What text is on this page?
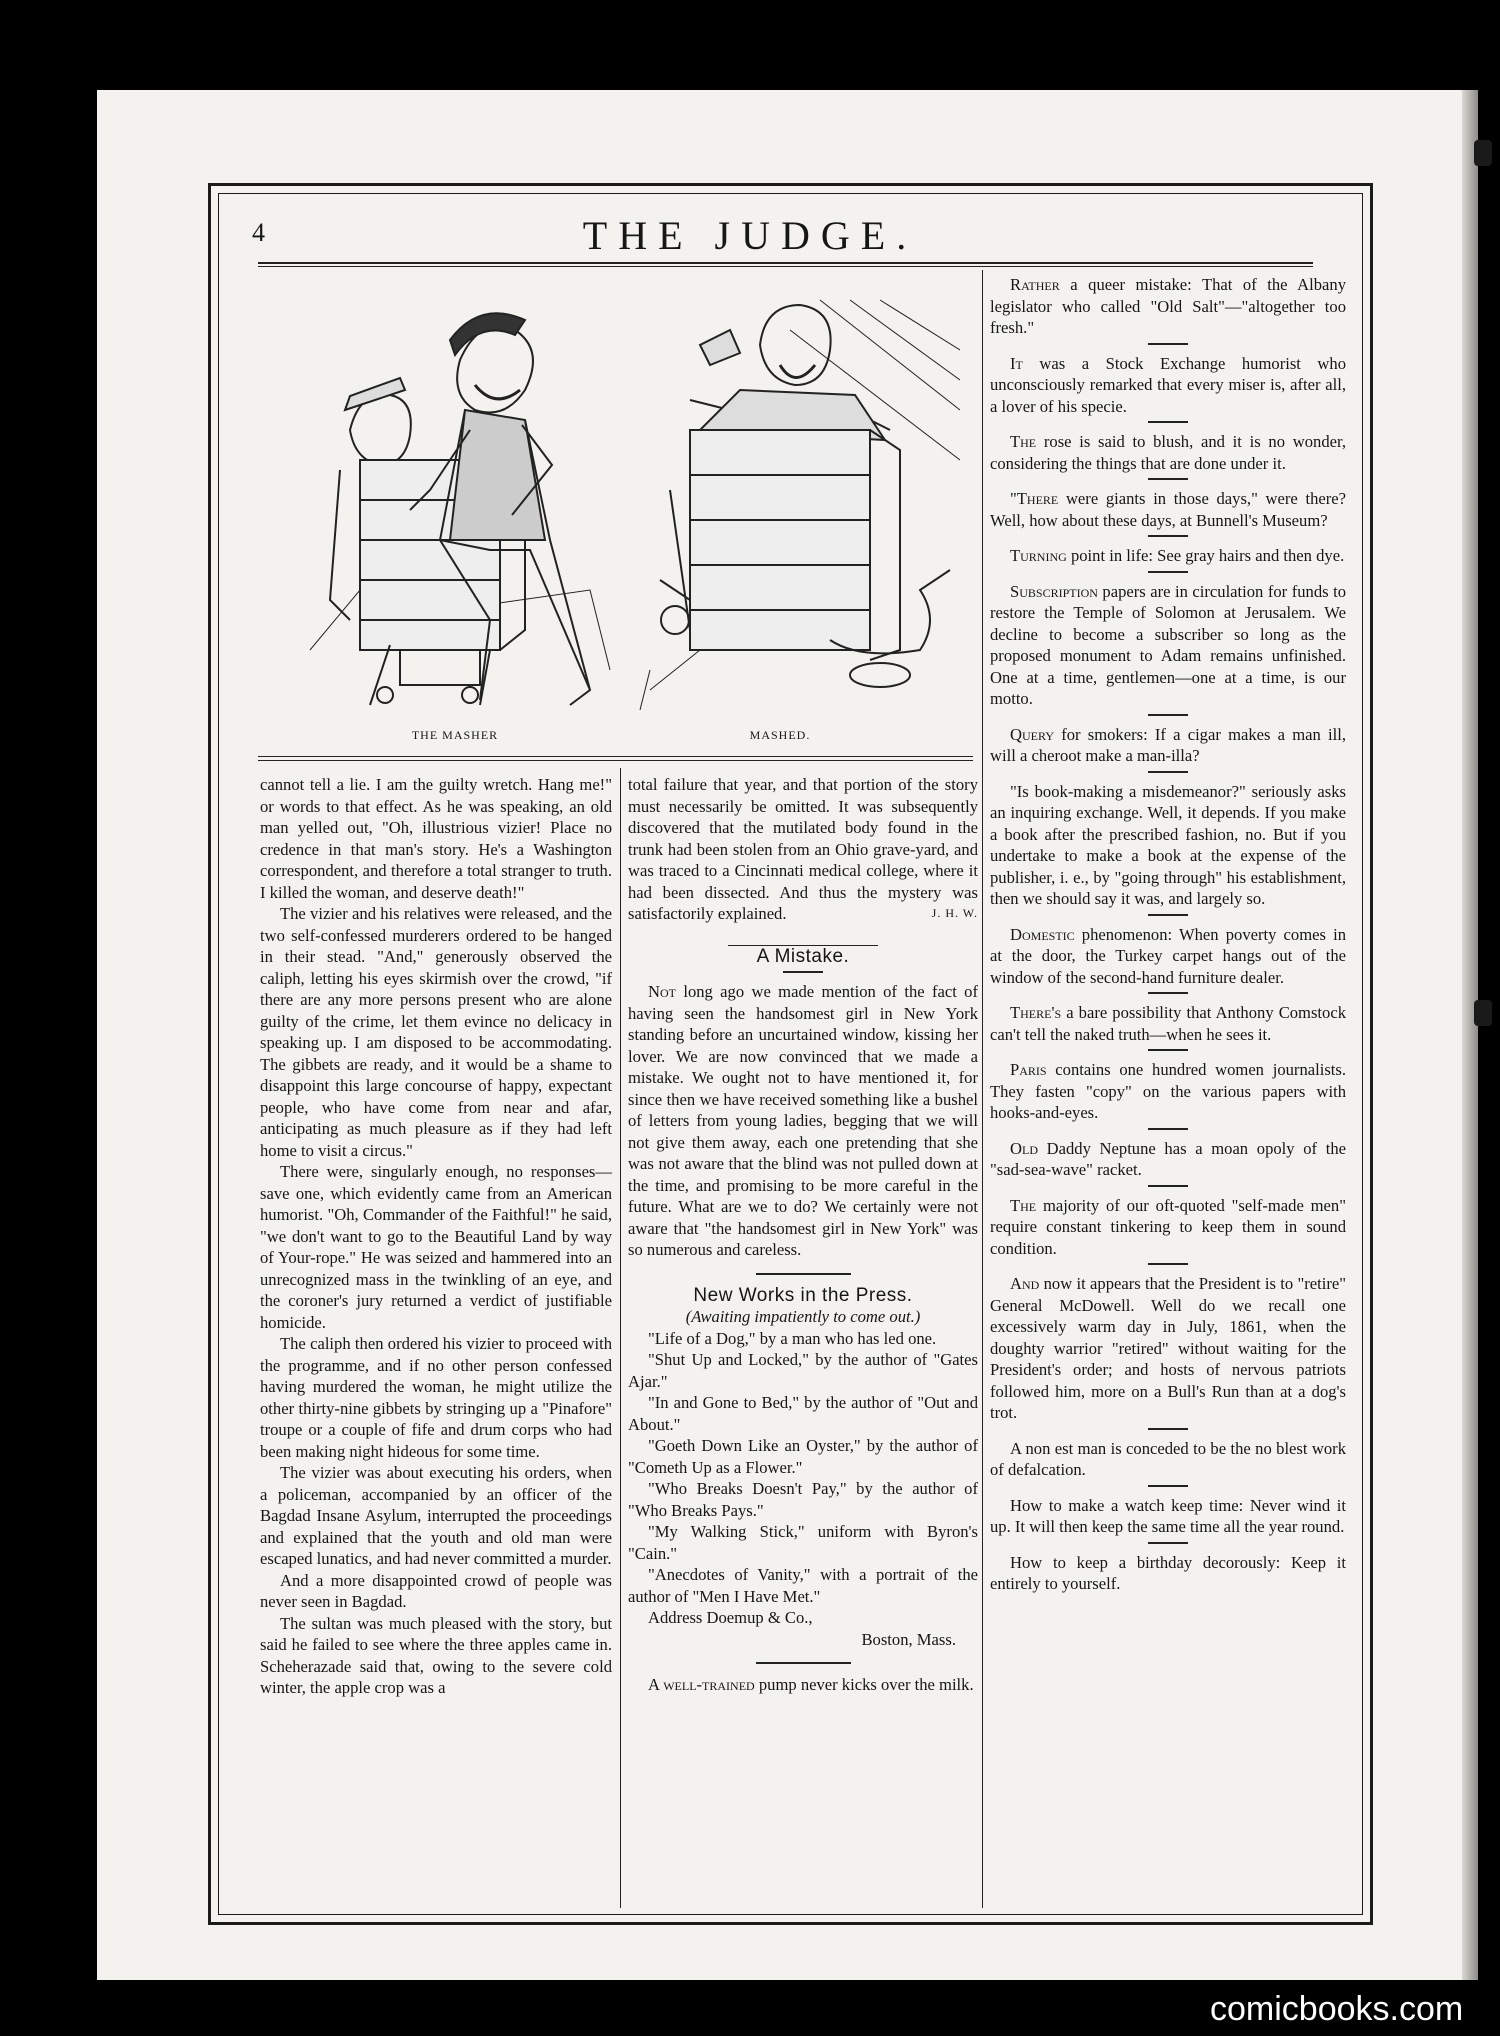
4	THE JUDGE.
THE MASHER	MASHED.

cannot tell a lie. I am the guilty wretch. Hang me!" or words to that effect. As he was speaking, an old man yelled out, "Oh, illustrious vizier! Place no credence in that man's story. He's a Washington correspondent, and therefore a total stranger to truth. I killed the woman, and deserve death!"

The vizier and his relatives were released, and the two self-confessed murderers ordered to be hanged in their stead. "And," generously observed the caliph, letting his eyes skirmish over the crowd, "if there are any more persons present who are alone guilty of the crime, let them evince no delicacy in speaking up. I am disposed to be accommodating. The gibbets are ready, and it would be a shame to disappoint this large concourse of happy, expectant people, who have come from near and afar, anticipating as much pleasure as if they had left home to visit a circus."

There were, singularly enough, no responses—save one, which evidently came from an American humorist. "Oh, Commander of the Faithful!" he said, "we don't want to go to the Beautiful Land by way of Your-rope." He was seized and hammered into an unrecognized mass in the twinkling of an eye, and the coroner's jury returned a verdict of justifiable homicide.

The caliph then ordered his vizier to proceed with the programme, and if no other person confessed having murdered the woman, he might utilize the other thirty-nine gibbets by stringing up a "Pinafore" troupe or a couple of fife and drum corps who had been making night hideous for some time.

The vizier was about executing his orders, when a policeman, accompanied by an officer of the Bagdad Insane Asylum, interrupted the proceedings and explained that the youth and old man were escaped lunatics, and had never committed a murder.

And a more disappointed crowd of people was never seen in Bagdad.

The sultan was much pleased with the story, but said he failed to see where the three apples came in. Scheherazade said that, owing to the severe cold winter, the apple crop was a

total failure that year, and that portion of the story must necessarily be omitted. It was subsequently discovered that the mutilated body found in the trunk had been stolen from an Ohio grave-yard, and was traced to a Cincinnati medical college, where it had been dissected. And thus the mystery was satisfactorily explained.	J. H. W.

A Mistake.

Not long ago we made mention of the fact of having seen the handsomest girl in New York standing before an uncurtained window, kissing her lover. We are now convinced that we made a mistake. We ought not to have mentioned it, for since then we have received something like a bushel of letters from young ladies, begging that we will not give them away, each one pretending that she was not aware that the blind was not pulled down at the time, and promising to be more careful in the future. What are we to do? We certainly were not aware that "the handsomest girl in New York" was so numerous and careless.

New Works in the Press.

(Awaiting impatiently to come out.)

"Life of a Dog," by a man who has led one.

"Shut Up and Locked," by the author of "Gates Ajar."

"In and Gone to Bed," by the author of "Out and About."

"Goeth Down Like an Oyster," by the author of "Cometh Up as a Flower."

"Who Breaks Doesn't Pay," by the author of "Who Breaks Pays."

"My Walking Stick," uniform with Byron's "Cain."

"Anecdotes of Vanity," with a portrait of the author of "Men I Have Met."

Address Doemup & Co.,

Boston, Mass.

A well-trained pump never kicks over the milk.

Rather a queer mistake: That of the Albany legislator who called "Old Salt"—"altogether too fresh."

It was a Stock Exchange humorist who unconsciously remarked that every miser is, after all, a lover of his specie.

The rose is said to blush, and it is no wonder, considering the things that are done under it.

"There were giants in those days," were there? Well, how about these days, at Bunnell's Museum?

Turning point in life: See gray hairs and then dye.

Subscription papers are in circulation for funds to restore the Temple of Solomon at Jerusalem. We decline to become a subscriber so long as the proposed monument to Adam remains unfinished. One at a time, gentlemen—one at a time, is our motto.

Query for smokers: If a cigar makes a man ill, will a cheroot make a man-illa?

"Is book-making a misdemeanor?" seriously asks an inquiring exchange. Well, it depends. If you make a book after the prescribed fashion, no. But if you undertake to make a book at the expense of the publisher, i. e., by "going through" his establishment, then we should say it was, and largely so.

Domestic phenomenon: When poverty comes in at the door, the Turkey carpet hangs out of the window of the second-hand furniture dealer.

There's a bare possibility that Anthony Comstock can't tell the naked truth—when he sees it.

Paris contains one hundred women journalists. They fasten "copy" on the various papers with hooks-and-eyes.

Old Daddy Neptune has a moan opoly of the "sad-sea-wave" racket.

The majority of our oft-quoted "self-made men" require constant tinkering to keep them in sound condition.

And now it appears that the President is to "retire" General McDowell. Well do we recall one excessively warm day in July, 1861, when the doughty warrior "retired" without waiting for the President's order; and hosts of nervous patriots followed him, more on a Bull's Run than at a dog's trot.

A non est man is conceded to be the no blest work of defalcation.

How to make a watch keep time: Never wind it up. It will then keep the same time all the year round.

How to keep a birthday decorously: Keep it entirely to yourself.

comicbooks.com
